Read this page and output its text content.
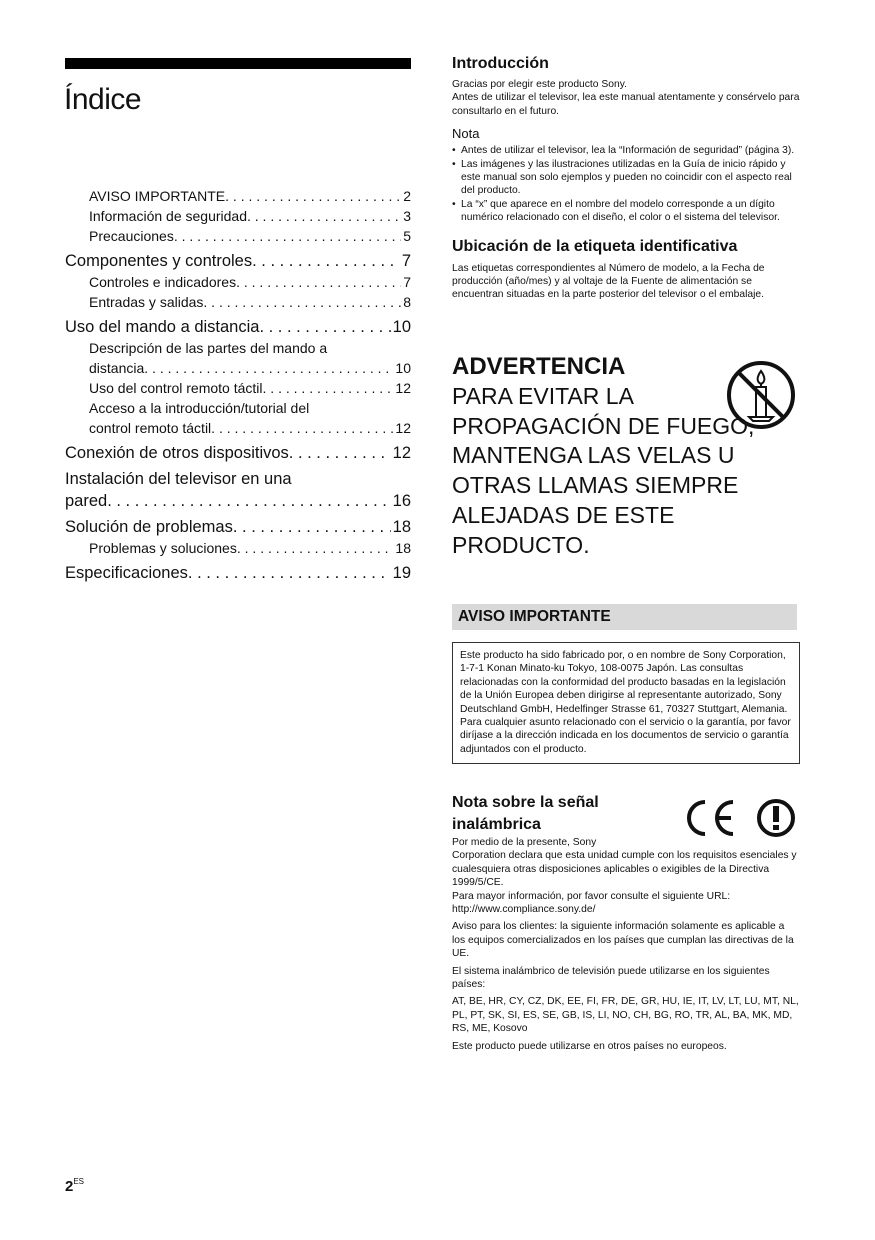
Índice
AVISO IMPORTANTE . . .	2
Información de seguridad . . .	3
Precauciones . . .	5
Componentes y controles . . .	7
Controles e indicadores . . .	7
Entradas y salidas . . .	8
Uso del mando a distancia . . .	10
Descripción de las partes del mando a
distancia . . .	10
Uso del control remoto táctil . . .	12
Acceso a la introducción/tutorial del
control remoto táctil . . .	12
Conexión de otros dispositivos . . .	12
Instalación del televisor en una
pared . . .	16
Solución de problemas . . .	18
Problemas y soluciones . . .	18
Especificaciones . . .	19
Introducción

Gracias por elegir este producto Sony.

Antes de utilizar el televisor, lea este manual atentamente y consérvelo para consultarlo en el futuro.

Nota
• Antes de utilizar el televisor, lea la “Información de seguridad” (página 3).
• Las imágenes y las ilustraciones utilizadas en la Guía de inicio rápido y este manual son solo ejemplos y pueden no coincidir con el aspecto real del producto.
• La “x” que aparece en el nombre del modelo corresponde a un dígito numérico relacionado con el diseño, el color o el sistema del televisor.
Ubicación de la etiqueta identificativa

Las etiquetas correspondientes al Número de modelo, a la Fecha de producción (año/mes) y al voltaje de la Fuente de alimentación se encuentran situadas en la parte posterior del televisor o el embalaje.

ADVERTENCIA
PARA EVITAR LA PROPAGACIÓN DE FUEGO, MANTENGA LAS VELAS U OTRAS LLAMAS SIEMPRE ALEJADAS DE ESTE PRODUCTO.
AVISO IMPORTANTE

Este producto ha sido fabricado por, o en nombre de Sony Corporation, 1-7-1 Konan Minato-ku Tokyo, 108-0075 Japón. Las consultas relacionadas con la conformidad del producto basadas en la legislación de la Unión Europea deben dirigirse al representante autorizado, Sony Deutschland GmbH, Hedelfinger Strasse 61, 70327 Stuttgart, Alemania. Para cualquier asunto relacionado con el servicio o la garantía, por favor diríjase a la dirección indicada en los documentos de servicio o garantía adjuntados con el producto.

Nota sobre la señal
inalámbrica

Por medio de la presente, Sony

Corporation declara que esta unidad cumple con los requisitos esenciales y cualesquiera otras disposiciones aplicables o exigibles de la Directiva 1999/5/CE.

Para mayor información, por favor consulte el siguiente URL:

http://www.compliance.sony.de/

Aviso para los clientes: la siguiente información solamente es aplicable a los equipos comercializados en los países que cumplan las directivas de la UE.

El sistema inalámbrico de televisión puede utilizarse en los siguientes países:

AT, BE, HR, CY, CZ, DK, EE, FI, FR, DE, GR, HU, IE, IT, LV, LT, LU, MT, NL, PL, PT, SK, SI, ES, SE, GB, IS, LI, NO, CH, BG, RO, TR, AL, BA, MK, MD, RS, ME, Kosovo

Este producto puede utilizarse en otros países no europeos.

$2^{ES}$
